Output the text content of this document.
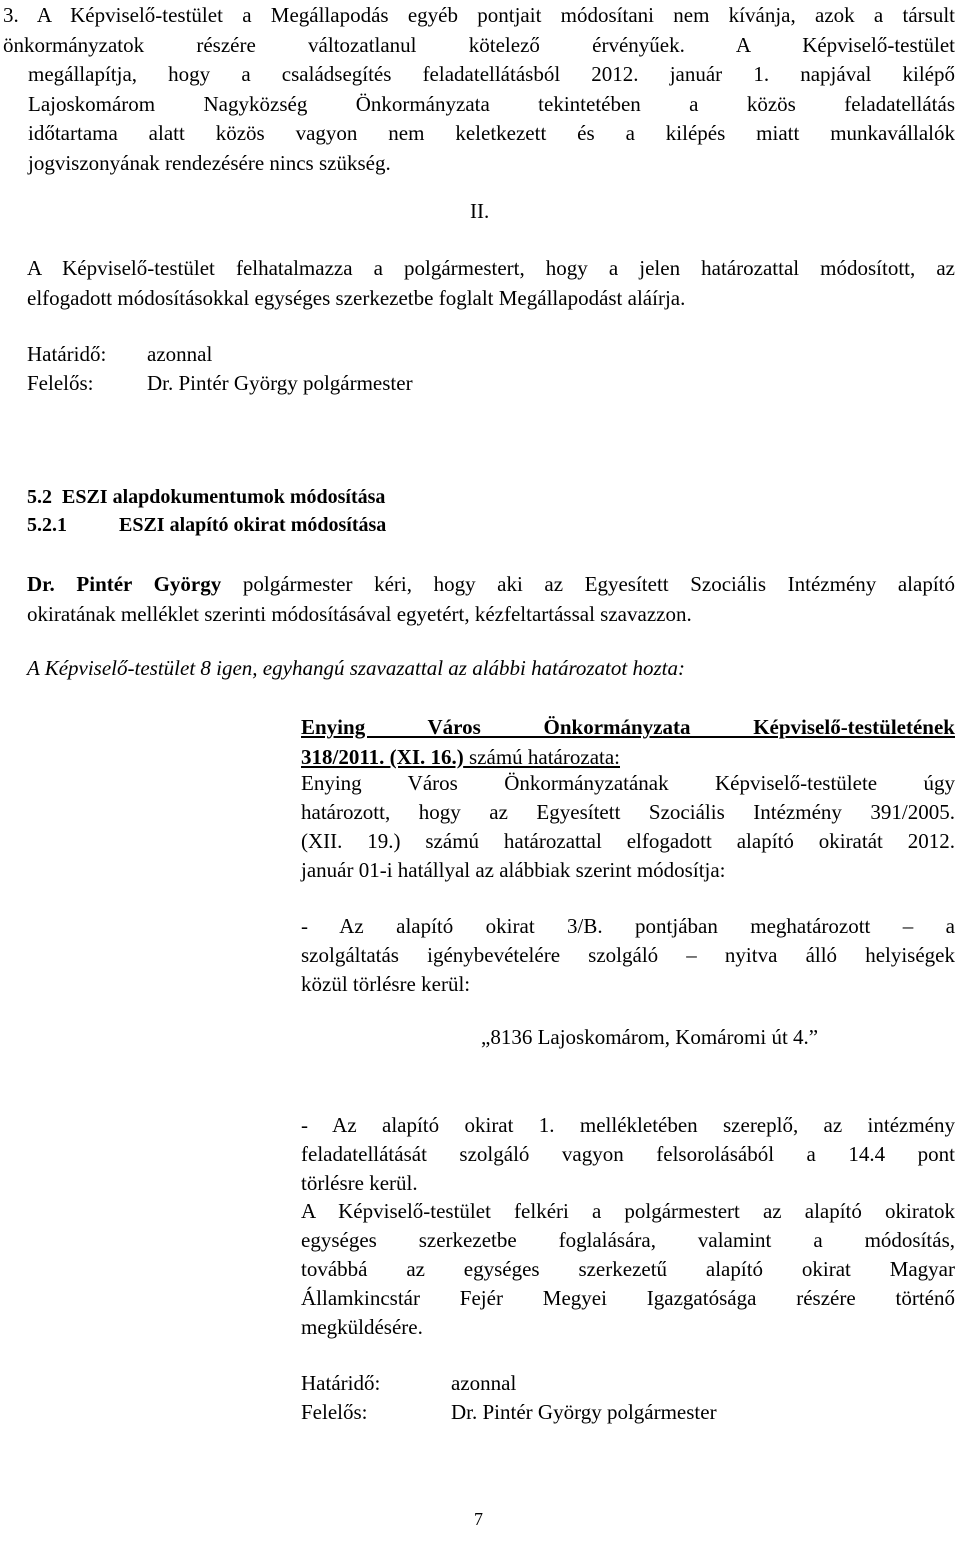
3. A Képviselő-testület a Megállapodás egyéb pontjait módosítani nem kívánja, azok a társult
önkormányzatok részére változatlanul kötelező érvényűek. A Képviselő-testület
megállapítja, hogy a családsegítés feladatellátásból 2012. január 1. napjával kilépő
Lajoskomárom Nagyközség Önkormányzata tekintetében a közös feladatellátás
időtartama alatt közös vagyon nem keletkezett és a kilépés miatt munkavállalók
jogviszonyának rendezésére nincs szükség.
II.
A Képviselő-testület felhatalmazza a polgármestert, hogy a jelen határozattal módosított, az
elfogadott módosításokkal egységes szerkezetbe foglalt Megállapodást aláírja.
Határidő:	azonnal
Felelős:	Dr. Pintér György polgármester
5.2 ESZI alapdokumentumok módosítása
5.2.1	ESZI alapító okirat módosítása
Dr. Pintér György polgármester kéri, hogy aki az Egyesített Szociális Intézmény alapító
okiratának melléklet szerinti módosításával egyetért, kézfeltartással szavazzon.
A Képviselő-testület 8 igen, egyhangú szavazattal az alábbi határozatot hozta:
Enying Város Önkormányzata Képviselő-testületének
318/2011. (XI. 16.) számú határozata:
Enying Város Önkormányzatának Képviselő-testülete úgy
határozott, hogy az Egyesített Szociális Intézmény 391/2005.
(XII. 19.) számú határozattal elfogadott alapító okiratát 2012.
január 01-i hatállyal az alábbiak szerint módosítja:
- Az alapító okirat 3/B. pontjában meghatározott – a
szolgáltatás igénybevételére szolgáló – nyitva álló helyiségek
közül törlésre kerül:
„8136 Lajoskomárom, Komáromi út 4.”
- Az alapító okirat 1. mellékletében szereplő, az intézmény
feladatellátását szolgáló vagyon felsorolásából a 14.4 pont
törlésre kerül.
A Képviselő-testület felkéri a polgármestert az alapító okiratok
egységes szerkezetbe foglalására, valamint a módosítás,
továbbá az egységes szerkezetű alapító okirat Magyar
Államkincstár Fejér Megyei Igazgatósága részére történő
megküldésére.
Határidő:	azonnal
Felelős:	Dr. Pintér György polgármester
7
